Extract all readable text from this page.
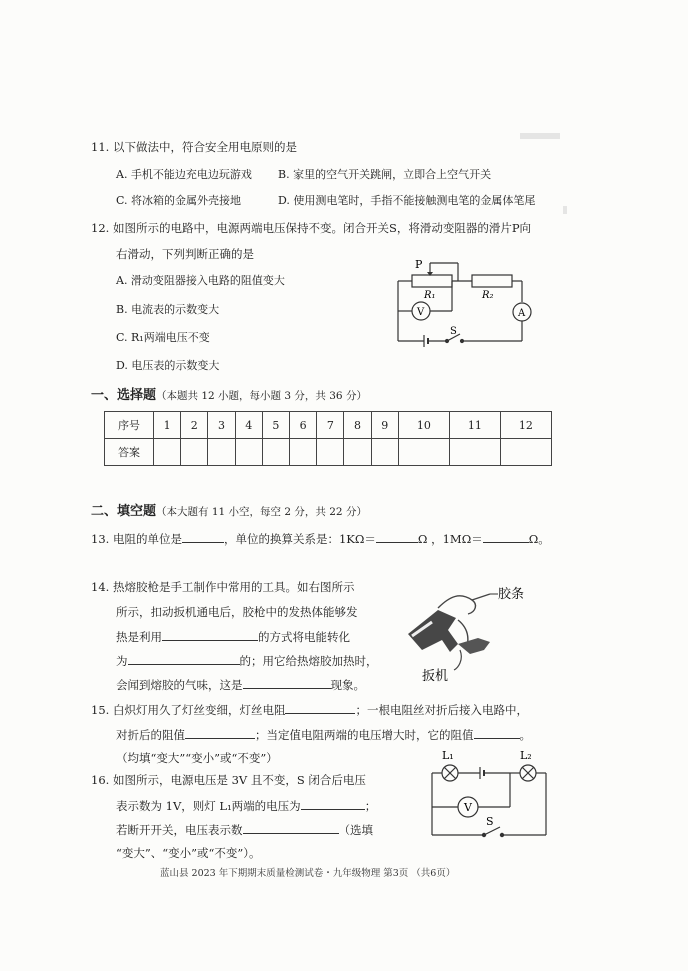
11. 以下做法中，符合安全用电原则的是
A. 手机不能边充电边玩游戏 B. 家里的空气开关跳闸，立即合上空气开关
C. 将冰箱的金属外壳接地	D. 使用测电笔时，手指不能接触测电笔的金属体笔尾
12. 如图所示的电路中，电源两端电压保持不变。闭合开关S，将滑动变阻器的滑片P向
右滑动，下列判断正确的是
A. 滑动变阻器接入电路的阻值变大
B. 电流表的示数变大
C. R₁两端电压不变
D. 电压表的示数变大
P
R₁	R₂
V	A
S
一、选择题（本题共 12 小题，每小题 3 分，共 36 分）
序号	1	2	3	4	5	6	7	8	9	10	11	12
答案												
二、填空题（本大题有 11 小空，每空 2 分，共 22 分）
13. 电阻的单位是	，单位的换算关系是：1KΩ＝	Ω ，1MΩ＝	Ω。
14. 热熔胶枪是手工制作中常用的工具。如右图所示
所示，扣动扳机通电后，胶枪中的发热体能够发
热是利用	的方式将电能转化
为	的；用它给热熔胶加热时，
会闻到熔胶的气味，这是	现象。
胶条
扳机
15. 白炽灯用久了灯丝变细，灯丝电阻	；一根电阻丝对折后接入电路中，
对折后的阻值	；当定值电阻两端的电压增大时，它的阻值	。
（均填“变大”“变小”或“不变”）
16. 如图所示，电源电压是 3V 且不变，S 闭合后电压
表示数为 1V，则灯 L₁两端的电压为	；
若断开开关，电压表示数	（选填
“变大”、“变小”或“不变”）。
L₁	L₂
V
S
蓝山县 2023 年下期期末质量检测试卷・九年级物理 第3页 （共6页）
